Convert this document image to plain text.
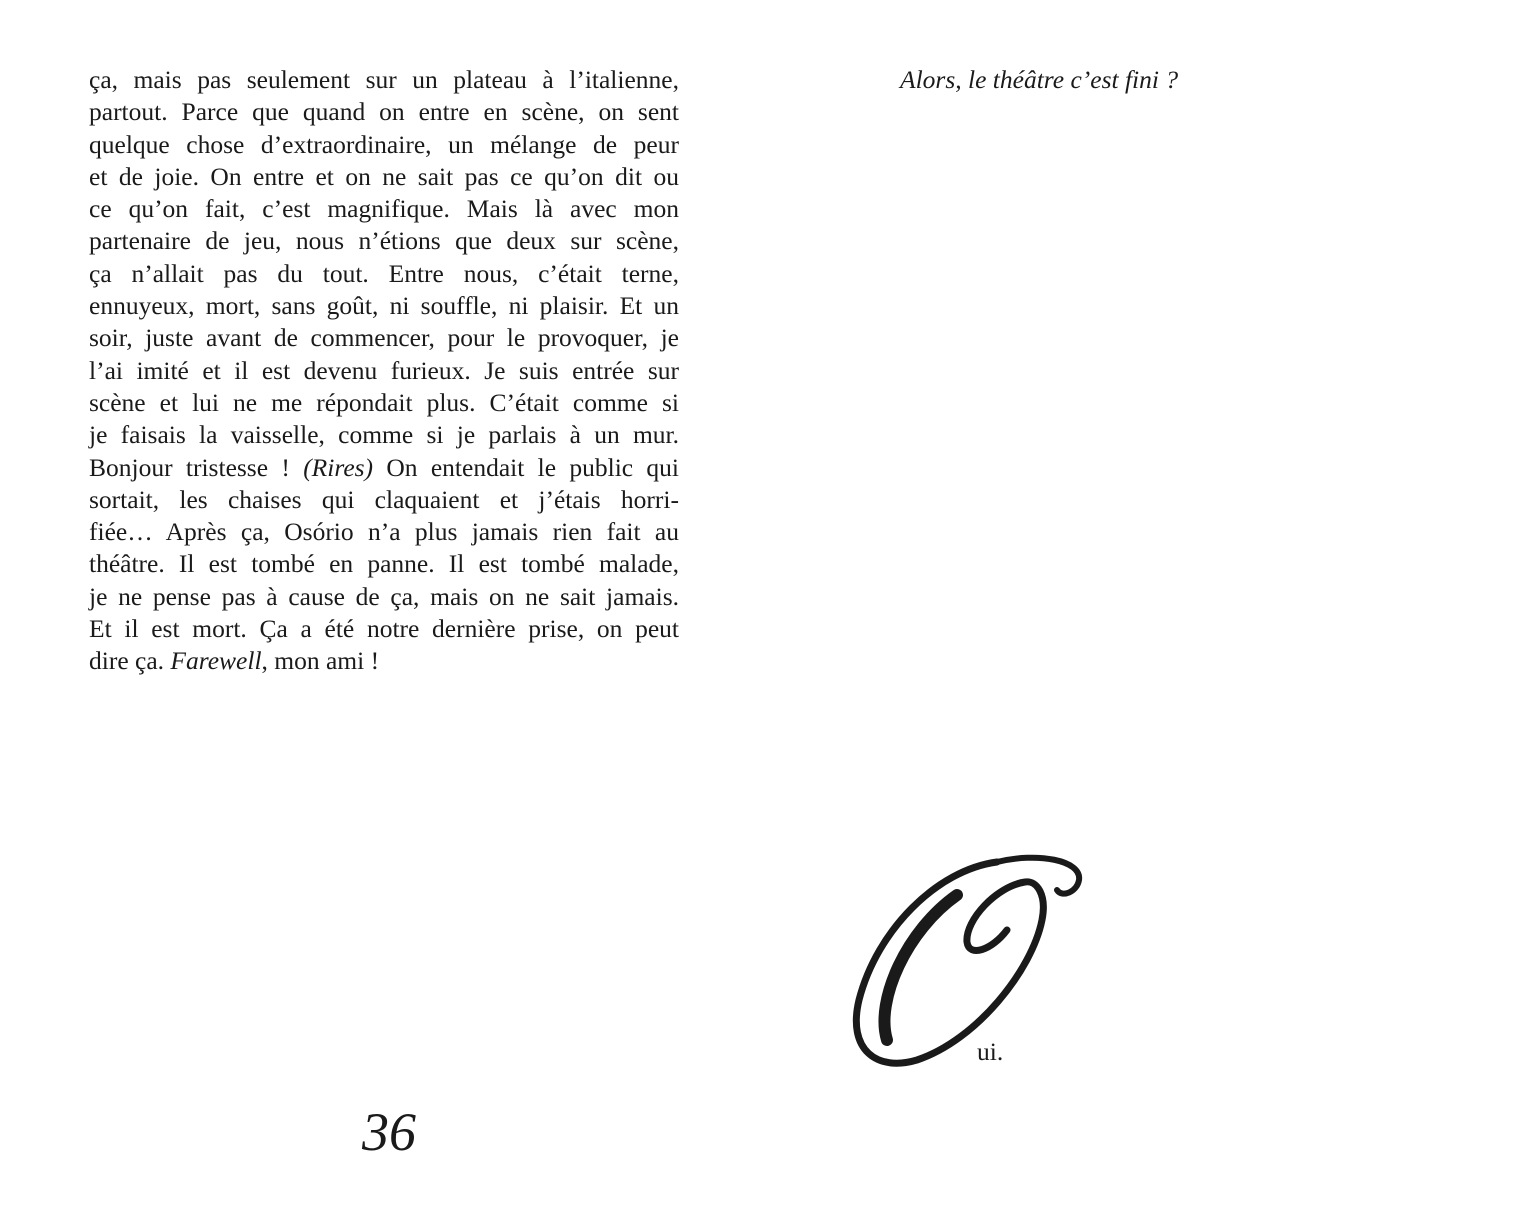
ça, mais pas seulement sur un plateau à l’italienne,
partout. Parce que quand on entre en scène, on sent
quelque chose d’extraordinaire, un mélange de peur
et de joie. On entre et on ne sait pas ce qu’on dit ou
ce qu’on fait, c’est magnifique. Mais là avec mon
partenaire de jeu, nous n’étions que deux sur scène,
ça n’allait pas du tout. Entre nous, c’était terne,
ennuyeux, mort, sans goût, ni souffle, ni plaisir. Et un
soir, juste avant de commencer, pour le provoquer, je
l’ai imité et il est devenu furieux. Je suis entrée sur
scène et lui ne me répondait plus. C’était comme si
je faisais la vaisselle, comme si je parlais à un mur.
Bonjour tristesse ! (Rires) On entendait le public qui
sortait, les chaises qui claquaient et j’étais horri-
fiée… Après ça, Osório n’a plus jamais rien fait au
théâtre. Il est tombé en panne. Il est tombé malade,
je ne pense pas à cause de ça, mais on ne sait jamais.
Et il est mort. Ça a été notre dernière prise, on peut
dire ça. Farewell, mon ami !
36

Alors, le théâtre c’est fini ?

O

ui.
